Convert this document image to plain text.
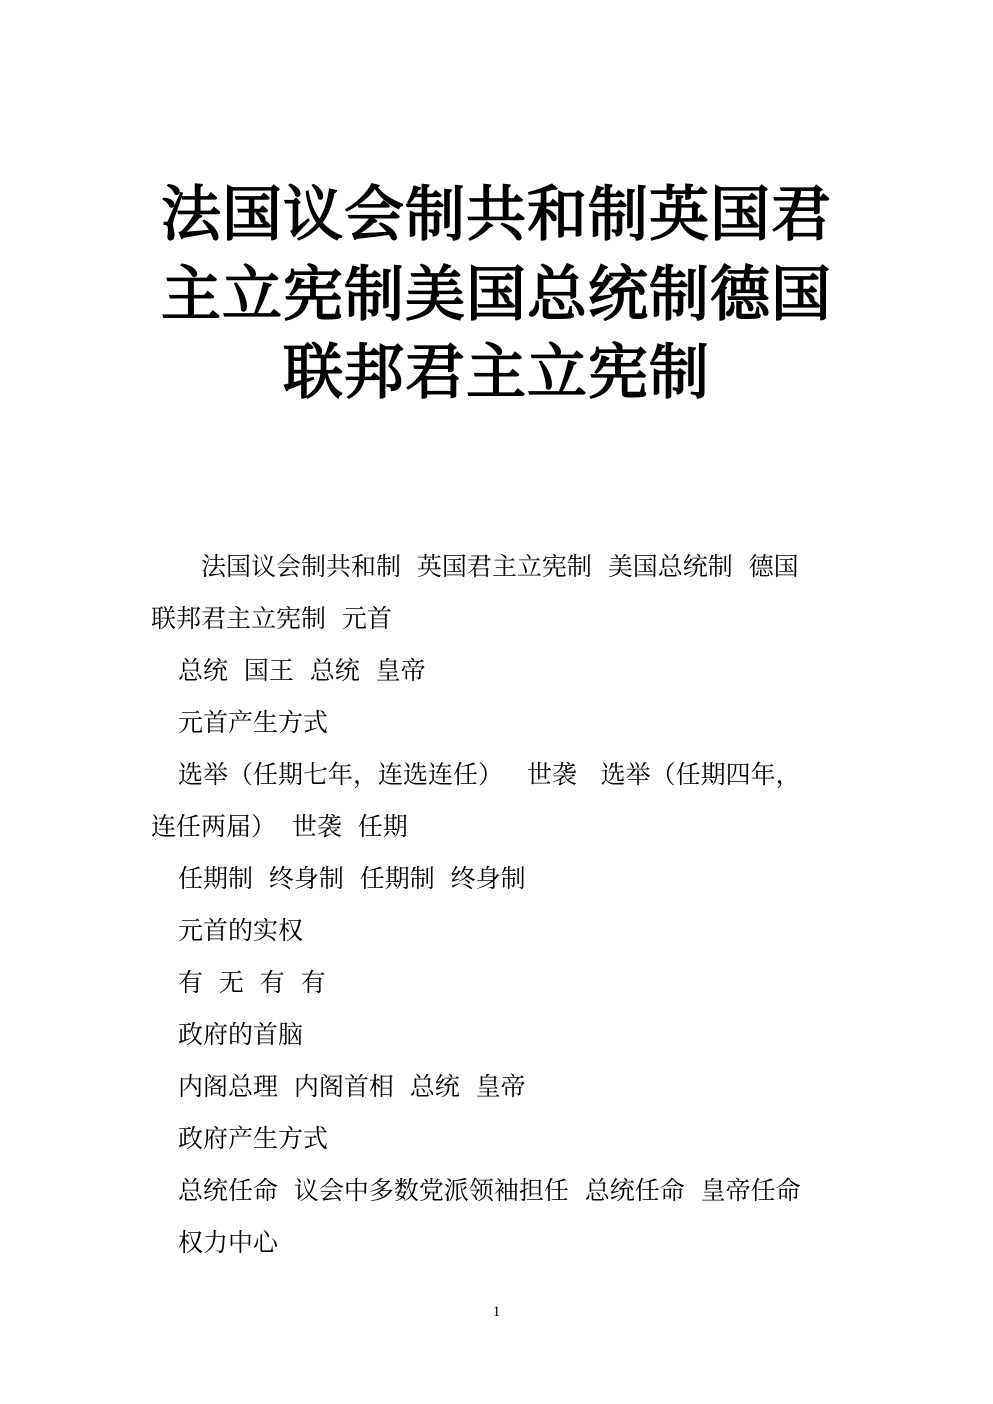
法国议会制共和制英国君
主立宪制美国总统制德国
联邦君主立宪制
法国议会制共和制  英国君主立宪制  美国总统制  德国
联邦君主立宪制  元首
总统  国王  总统  皇帝
元首产生方式
选举（任期七年，连选连任）   世袭   选举（任期四年，
连任两届）  世袭  任期
任期制  终身制  任期制  终身制
元首的实权
有  无  有  有
政府的首脑
内阁总理  内阁首相  总统  皇帝
政府产生方式
总统任命  议会中多数党派领袖担任  总统任命  皇帝任命
权力中心
1
